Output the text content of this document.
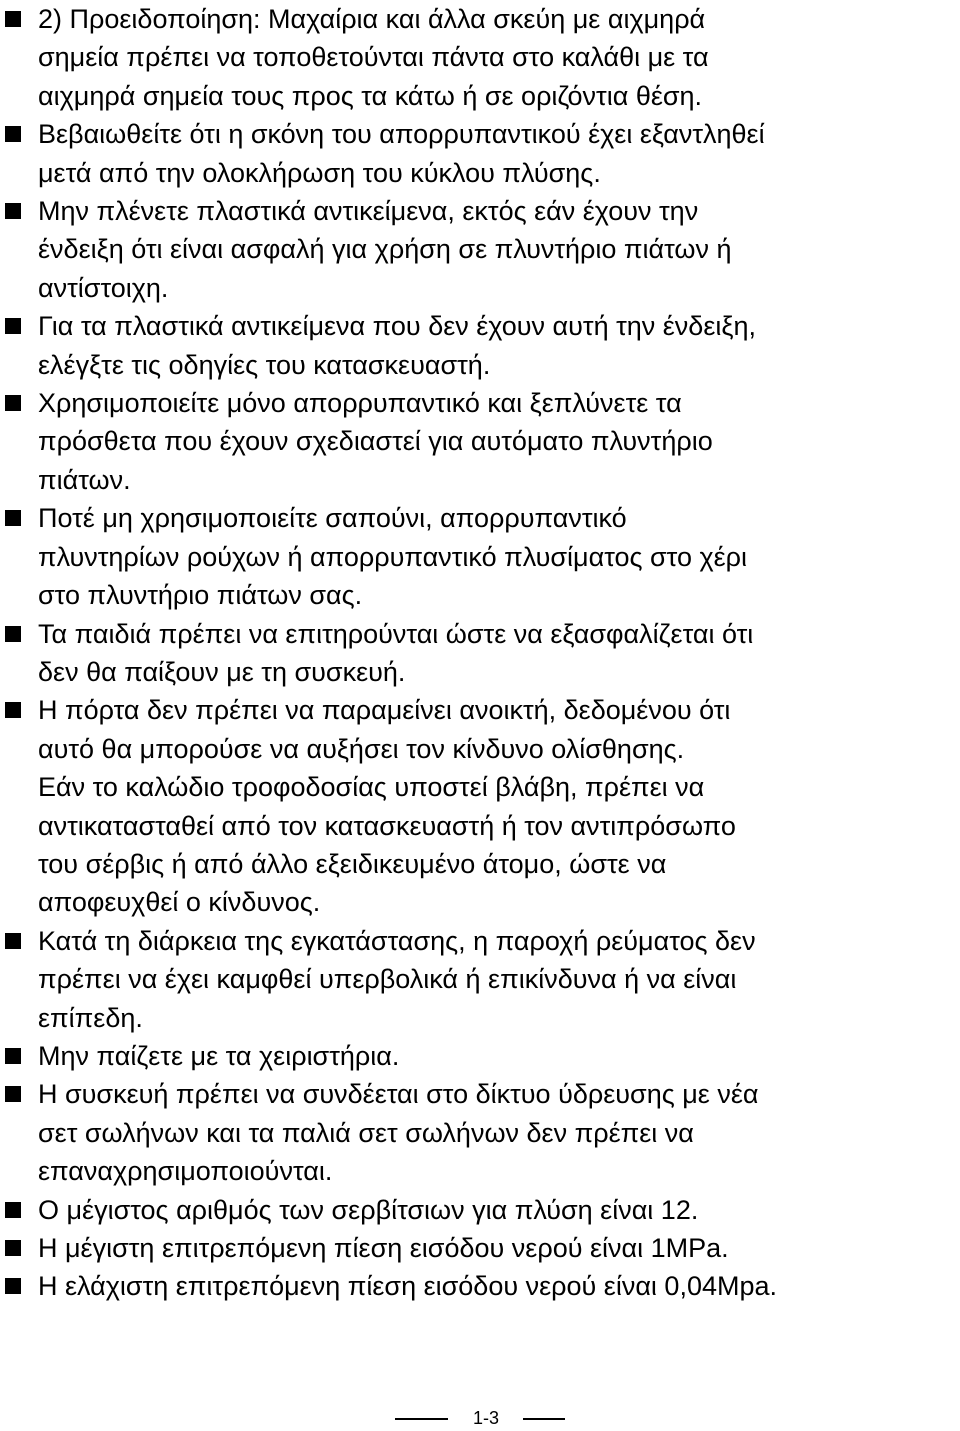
2) Προειδοποίηση: Μαχαίρια και άλλα σκεύη με αιχμηρά
σημεία πρέπει να τοποθετούνται πάντα στο καλάθι με τα
αιχμηρά σημεία τους προς τα κάτω ή σε οριζόντια θέση.
Βεβαιωθείτε ότι η σκόνη του απορρυπαντικού έχει εξαντληθεί
μετά από την ολοκλήρωση του κύκλου πλύσης.
Μην πλένετε πλαστικά αντικείμενα, εκτός εάν έχουν την
ένδειξη ότι είναι ασφαλή για χρήση σε πλυντήριο πιάτων ή
αντίστοιχη.
Για τα πλαστικά αντικείμενα που δεν έχουν αυτή την ένδειξη,
ελέγξτε τις οδηγίες του κατασκευαστή.
Χρησιμοποιείτε μόνο απορρυπαντικό και ξεπλύνετε τα
πρόσθετα που έχουν σχεδιαστεί για αυτόματο πλυντήριο
πιάτων.
Ποτέ μη χρησιμοποιείτε σαπούνι, απορρυπαντικό
πλυντηρίων ρούχων ή απορρυπαντικό πλυσίματος στο χέρι
στο πλυντήριο πιάτων σας.
Τα παιδιά πρέπει να επιτηρούνται ώστε να εξασφαλίζεται ότι
δεν θα παίξουν με τη συσκευή.
Η πόρτα δεν πρέπει να παραμείνει ανοικτή, δεδομένου ότι
αυτό θα μπορούσε να αυξήσει τον κίνδυνο ολίσθησης.
Εάν το καλώδιο τροφοδοσίας υποστεί βλάβη, πρέπει να
αντικατασταθεί από τον κατασκευαστή ή τον αντιπρόσωπο
του σέρβις ή από άλλο εξειδικευμένο άτομο, ώστε να
αποφευχθεί ο κίνδυνος.
Κατά τη διάρκεια της εγκατάστασης, η παροχή ρεύματος δεν
πρέπει να έχει καμφθεί υπερβολικά ή επικίνδυνα ή να είναι
επίπεδη.
Μην παίζετε με τα χειριστήρια.
Η συσκευή πρέπει να συνδέεται στο δίκτυο ύδρευσης με νέα
σετ σωλήνων και τα παλιά σετ σωλήνων δεν πρέπει να
επαναχρησιμοποιούνται.
Ο μέγιστος αριθμός των σερβίτσιων για πλύση είναι 12.
Η μέγιστη επιτρεπόμενη πίεση εισόδου νερού είναι 1MPa.
Η ελάχιστη επιτρεπόμενη πίεση εισόδου νερού είναι 0,04Mpa.
1-3
